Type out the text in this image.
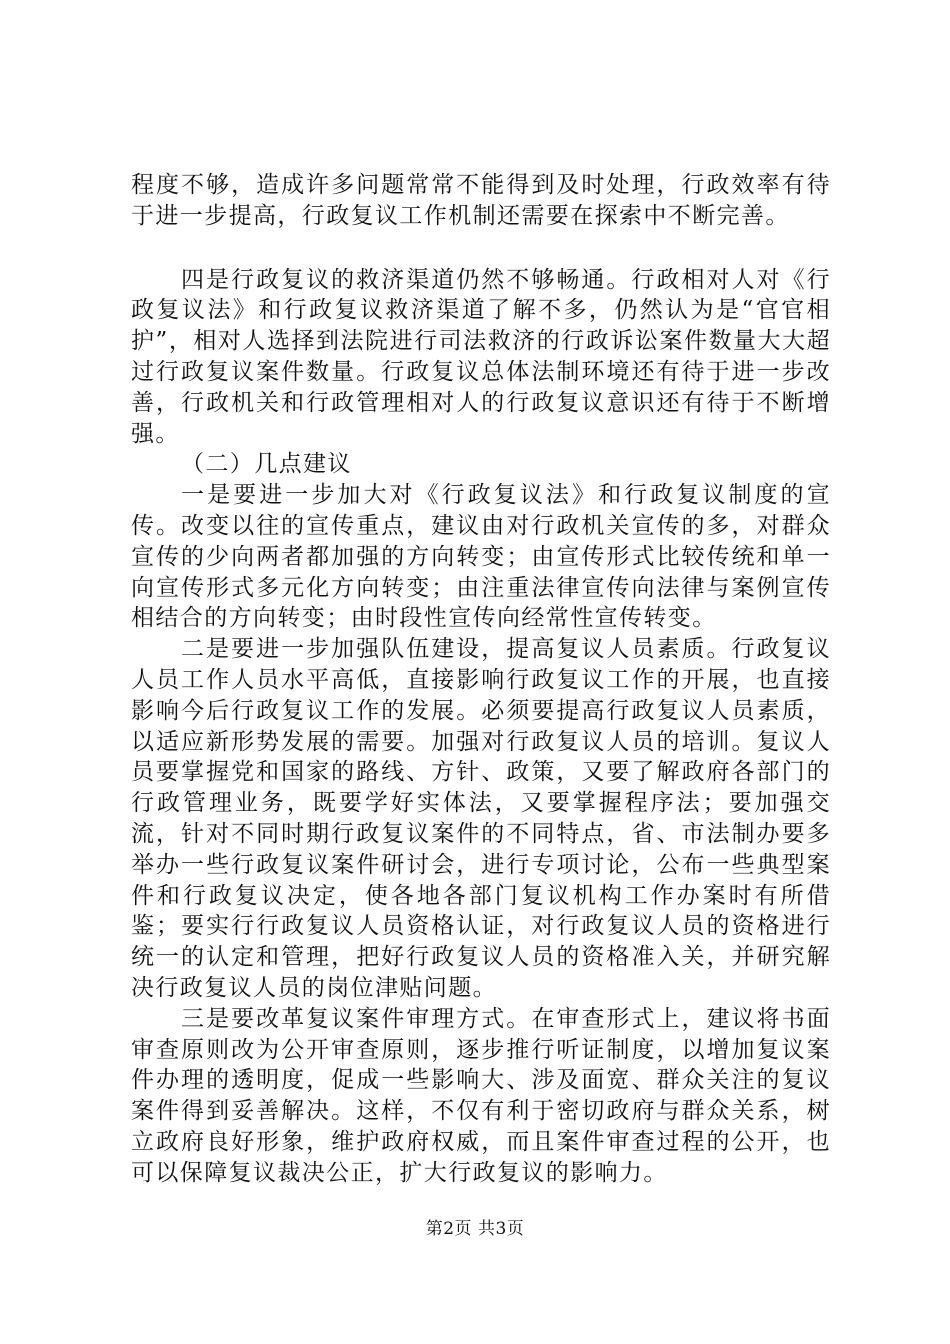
程度不够，造成许多问题常常不能得到及时处理，行政效率有待于进一步提高，行政复议工作机制还需要在探索中不断完善。

四是行政复议的救济渠道仍然不够畅通。行政相对人对《行政复议法》和行政复议救济渠道了解不多，仍然认为是“官官相护”，相对人选择到法院进行司法救济的行政诉讼案件数量大大超过行政复议案件数量。行政复议总体法制环境还有待于进一步改善，行政机关和行政管理相对人的行政复议意识还有待于不断增强。

（二）几点建议

一是要进一步加大对《行政复议法》和行政复议制度的宣传。改变以往的宣传重点，建议由对行政机关宣传的多，对群众宣传的少向两者都加强的方向转变；由宣传形式比较传统和单一向宣传形式多元化方向转变；由注重法律宣传向法律与案例宣传相结合的方向转变；由时段性宣传向经常性宣传转变。

二是要进一步加强队伍建设，提高复议人员素质。行政复议人员工作人员水平高低，直接影响行政复议工作的开展，也直接影响今后行政复议工作的发展。必须要提高行政复议人员素质，以适应新形势发展的需要。加强对行政复议人员的培训。复议人员要掌握党和国家的路线、方针、政策，又要了解政府各部门的行政管理业务，既要学好实体法，又要掌握程序法；要加强交流，针对不同时期行政复议案件的不同特点，省、市法制办要多举办一些行政复议案件研讨会，进行专项讨论，公布一些典型案件和行政复议决定，使各地各部门复议机构工作办案时有所借鉴；要实行行政复议人员资格认证，对行政复议人员的资格进行统一的认定和管理，把好行政复议人员的资格准入关，并研究解决行政复议人员的岗位津贴问题。

三是要改革复议案件审理方式。在审查形式上，建议将书面审查原则改为公开审查原则，逐步推行听证制度，以增加复议案件办理的透明度，促成一些影响大、涉及面宽、群众关注的复议案件得到妥善解决。这样，不仅有利于密切政府与群众关系，树立政府良好形象，维护政府权威，而且案件审查过程的公开，也可以保障复议裁决公正，扩大行政复议的影响力。

第2页 共3页
